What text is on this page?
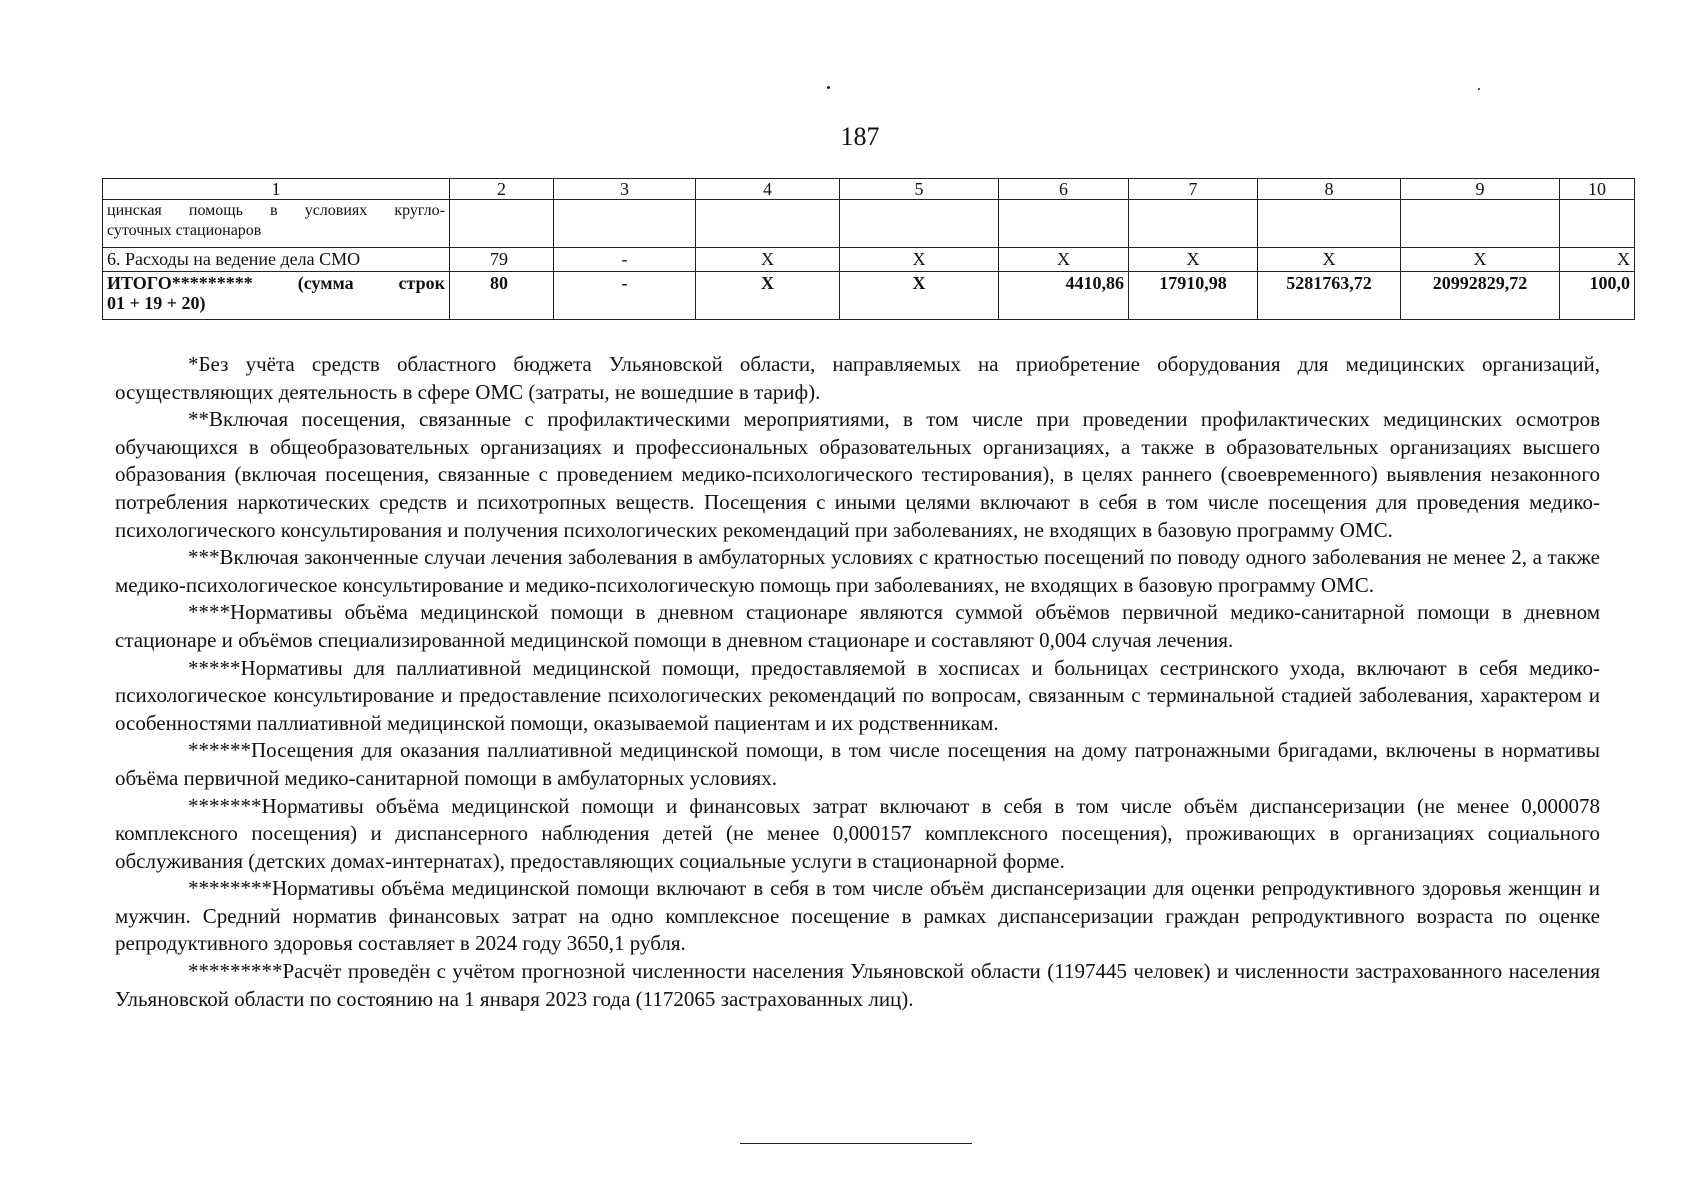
187
1	2	3	4	5	6	7	8	9	10

цинская помощь в условиях кругло-
суточных стационаров									

6. Расходы на ведение дела СМО	79	-	X	X	X	X	X	X	X

ИТОГО********* (сумма строк
01 + 19 + 20)	80	-	X	X	4410,86	17910,98	5281763,72	20992829,72	100,0

*Без учёта средств областного бюджета Ульяновской области, направляемых на приобретение оборудования для медицинских организаций, осуществляющих деятельность в сфере ОМС (затраты, не вошедшие в тариф).

**Включая посещения, связанные с профилактическими мероприятиями, в том числе при проведении профилактических медицинских осмотров обучающихся в общеобразовательных организациях и профессиональных образовательных организациях, а также в образовательных организациях высшего образования (включая посещения, связанные с проведением медико-психологического тестирования), в целях раннего (своевременного) выявления незаконного потребления наркотических средств и психотропных веществ. Посещения с иными целями включают в себя в том числе посещения для проведения медико-психологического консультирования и получения психологических рекомендаций при заболеваниях, не входящих в базовую программу ОМС.

***Включая законченные случаи лечения заболевания в амбулаторных условиях с кратностью посещений по поводу одного заболевания не менее 2, а также медико-психологическое консультирование и медико-психологическую помощь при заболеваниях, не входящих в базовую программу ОМС.

****Нормативы объёма медицинской помощи в дневном стационаре являются суммой объёмов первичной медико-санитарной помощи в дневном стационаре и объёмов специализированной медицинской помощи в дневном стационаре и составляют 0,004 случая лечения.

*****Нормативы для паллиативной медицинской помощи, предоставляемой в хосписах и больницах сестринского ухода, включают в себя медико-психологическое консультирование и предоставление психологических рекомендаций по вопросам, связанным с терминальной стадией заболевания, характером и особенностями паллиативной медицинской помощи, оказываемой пациентам и их родственникам.

******Посещения для оказания паллиативной медицинской помощи, в том числе посещения на дому патронажными бригадами, включены в нормативы объёма первичной медико-санитарной помощи в амбулаторных условиях.

*******Нормативы объёма медицинской помощи и финансовых затрат включают в себя в том числе объём диспансеризации (не менее 0,000078 комплексного посещения) и диспансерного наблюдения детей (не менее 0,000157 комплексного посещения), проживающих в организациях социального обслуживания (детских домах-интернатах), предоставляющих социальные услуги в стационарной форме.

********Нормативы объёма медицинской помощи включают в себя в том числе объём диспансеризации для оценки репродуктивного здоровья женщин и мужчин. Средний норматив финансовых затрат на одно комплексное посещение в рамках диспансеризации граждан репродуктивного возраста по оценке репродуктивного здоровья составляет в 2024 году 3650,1 рубля.

*********Расчёт проведён с учётом прогнозной численности населения Ульяновской области (1197445 человек) и численности застрахованного населения Ульяновской области по состоянию на 1 января 2023 года (1172065 застрахованных лиц).
